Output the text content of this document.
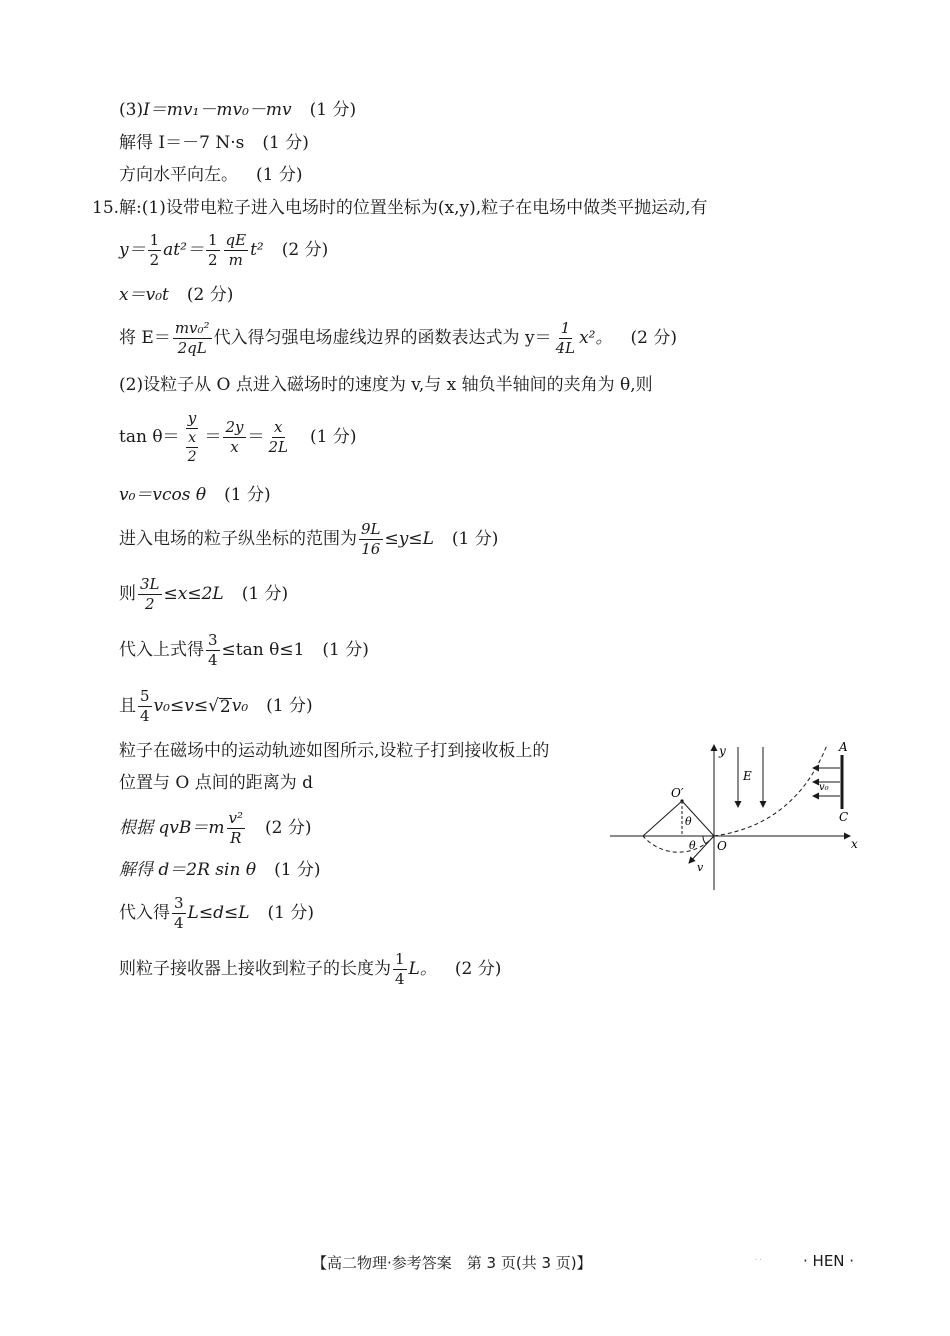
(3) I＝mv₁－mv₀－mv (1 分)
解得 I＝－7 N·s (1 分)
方向水平向左。 (1 分)
15.解:(1)设带电粒子进入电场时的位置坐标为(x,y),粒子在电场中做类平抛运动,有
$y= \frac{1}{2} at^2= \frac{1}{2} \frac{qE}{m} t^2$ (2 分)
x＝v₀t (2 分)
将 $E= \frac{\text{mv₀²}}{2qL}$ 代入得匀强电场虚线边界的函数表达式为 $y= \frac{1}{4L} x^2$。 (2 分)
(2)设粒子从 O 点进入磁场时的速度为 v,与 x 轴负半轴间的夹角为 θ,则
$\tan \theta= \frac{y}{\frac{x}{2}} = \frac{2y}{x} = \frac{x}{2L} (1$ 分)
v₀＝vcos θ (1 分)
进入电场的粒子纵坐标的范围为 $\frac{9L}{16} \le y\le L$ (1 分)
则 $\frac{3L}{2} \le x\le 2L$ (1 分)
代入上式得 $\frac{3}{4} \le\tan$ θ≤1 (1 分)
且 $\frac{5}{4} v_0\le v\le$ √ 2 v₀ (1 分)
粒子在磁场中的运动轨迹如图所示,设粒子打到接收板上的
位置与 O 点间的距离为 d
根据 $qvB=m \frac{\text{v²}}{R} (2$ 分)
解得 d＝2R sin θ (1 分)
代入得 $\frac{3}{4} L\le d\le L$ (1 分)
则粒子接收器上接收到粒子的长度为 $\frac{1}{4}$ L。 (2 分)
y
x
O
E
A
C
v₀
O′
θ
θ
v
【高二物理·参考答案　第 3 页(共 3 页)】	· ·	· HEN ·
